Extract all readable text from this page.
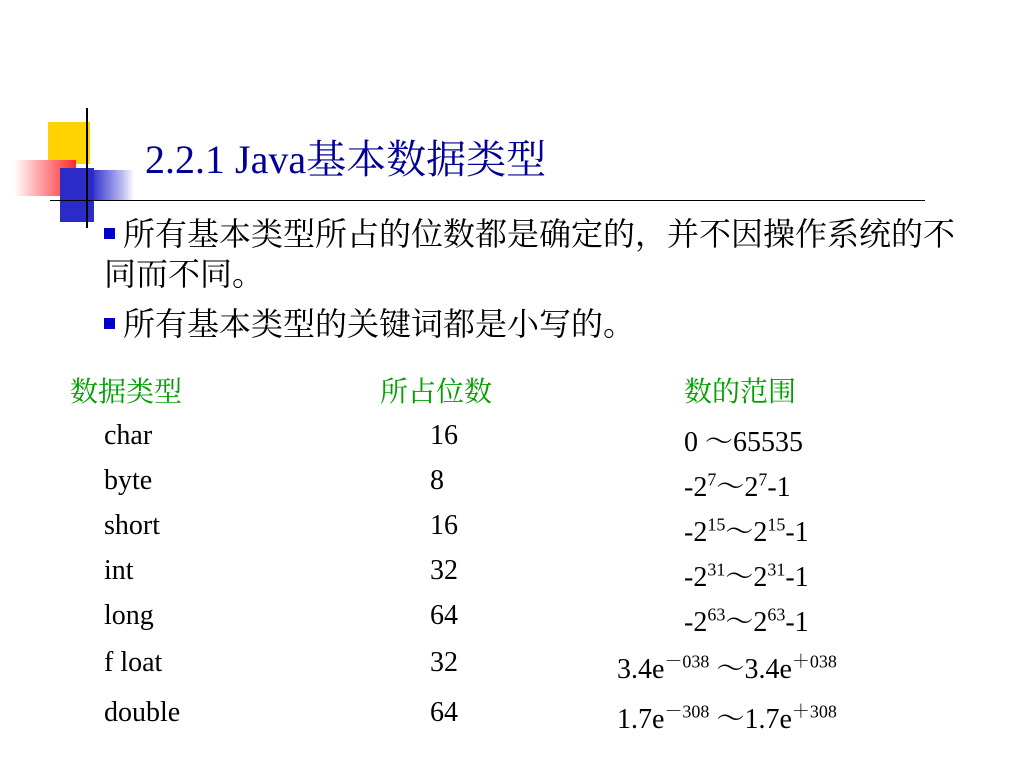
2.2.1 Java基本数据类型
所有基本类型所占的位数都是确定的，并不因操作系统的不同而不同。
所有基本类型的关键词都是小写的。
数据类型	所占位数	数的范围
char	16	0 ～65535
byte	8	$-2^7\sim 2^7-1$
short	16	$-2^{15}\sim 2^{15}-1$
int	32	$-2^{31}\sim 2^{31}-1$
long	64	$-2^{63}\sim 2^{63}-1$
f loat	32	$3.4e^{-038}$ $\sim 3.4e^{+038}$
double	64	$1.7e^{-308}$ $\sim 1.7e^{+308}$
